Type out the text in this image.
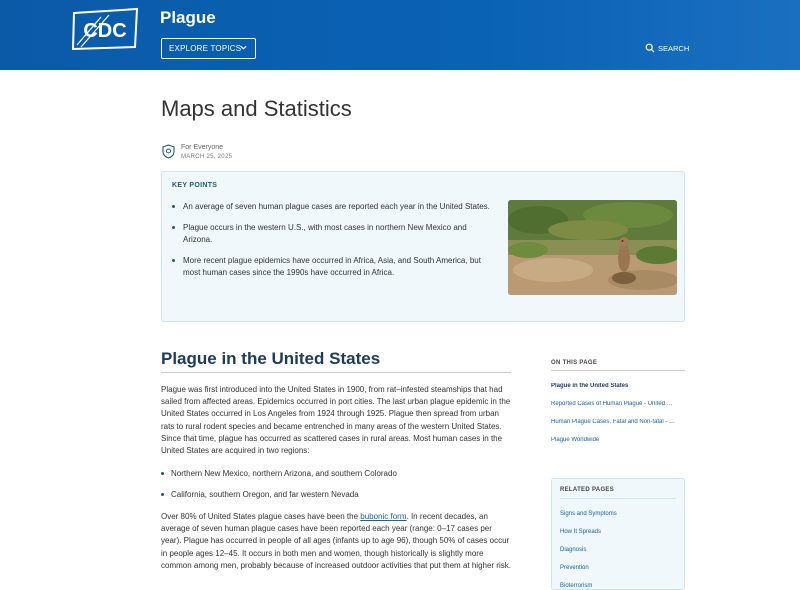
CDC
Plague
EXPLORE TOPICS	SEARCH
Maps and Statistics
For Everyone
MARCH 25, 2025
KEY POINTS
An average of seven human plague cases are reported each year in the United States.
Plague occurs in the western U.S., with most cases in northern New Mexico and Arizona.
More recent plague epidemics have occurred in Africa, Asia, and South America, but most human cases since the 1990s have occurred in Africa.
Plague in the United States

Plague was first introduced into the United States in 1900, from rat–infested steamships that had sailed from affected areas. Epidemics occurred in port cities. The last urban plague epidemic in the United States occurred in Los Angeles from 1924 through 1925. Plague then spread from urban rats to rural rodent species and became entrenched in many areas of the western United States. Since that time, plague has occurred as scattered cases in rural areas. Most human cases in the United States are acquired in two regions:

Northern New Mexico, northern Arizona, and southern Colorado
California, southern Oregon, and far western Nevada

Over 80% of United States plague cases have been the bubonic form. In recent decades, an average of seven human plague cases have been reported each year (range: 0–17 cases per year). Plague has occurred in people of all ages (infants up to age 96), though 50% of cases occur in people ages 12–45. It occurs in both men and women, though historically is slightly more common among men, probably because of increased outdoor activities that put them at higher risk.

ON THIS PAGE
Plague in the United States
Reported Cases of Human Plague - United …
Human Plague Cases, Fatal and Non-fatal - …
Plague Worldwide
RELATED PAGES
Signs and Symptoms
How It Spreads
Diagnosis
Prevention
Bioterrorism
